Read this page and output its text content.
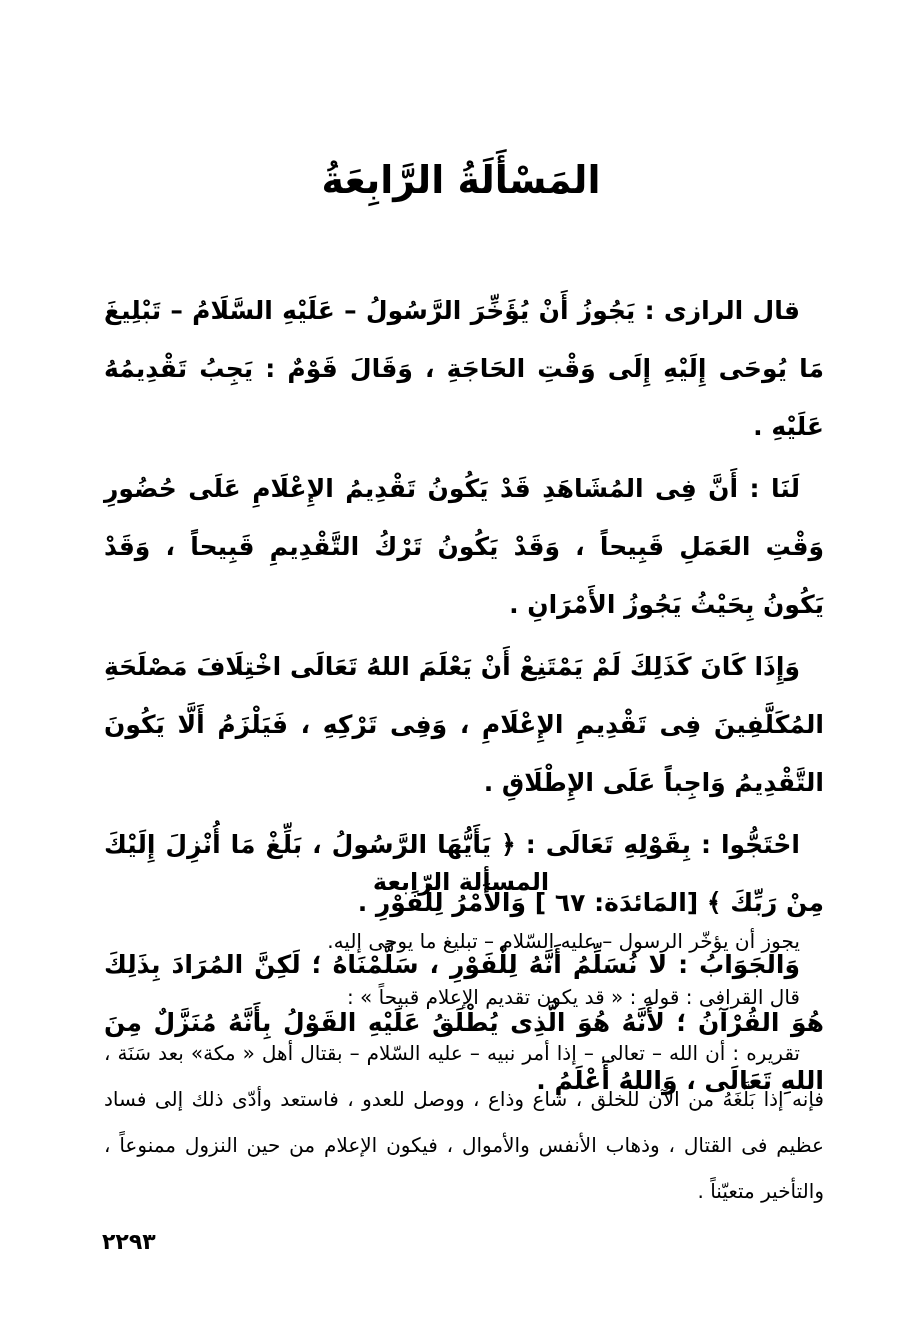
المَسْأَلَةُ الرَّابِعَةُ

قال الرازى : يَجُوزُ أَنْ يُؤَخِّرَ الرَّسُولُ – عَلَيْهِ السَّلَامُ – تَبْلِيغَ مَا يُوحَى إِلَيْهِ إِلَى وَقْتِ الحَاجَةِ ، وَقَالَ قَوْمٌ : يَجِبُ تَقْدِيمُهُ عَلَيْهِ .

لَنَا : أَنَّ فِى المُشَاهَدِ قَدْ يَكُونُ تَقْدِيمُ الإِعْلَامِ عَلَى حُضُورِ وَقْتِ العَمَلِ قَبِيحاً ، وَقَدْ يَكُونُ تَرْكُ التَّقْدِيمِ قَبِيحاً ، وَقَدْ يَكُونُ بِحَيْثُ يَجُوزُ الأَمْرَانِ .

وَإِذَا كَانَ كَذَلِكَ لَمْ يَمْتَنِعْ أَنْ يَعْلَمَ اللهُ تَعَالَى اخْتِلَافَ مَصْلَحَةِ المُكَلَّفِينَ فِى تَقْدِيمِ الإِعْلَامِ ، وَفِى تَرْكِهِ ، فَيَلْزَمُ أَلَّا يَكُونَ التَّقْدِيمُ وَاجِباً عَلَى الإِطْلَاقِ .

احْتَجُّوا : بِقَوْلِهِ تَعَالَى : ﴿ يَأَيُّهَا الرَّسُولُ ، بَلِّغْ مَا أُنْزِلَ إِلَيْكَ مِنْ رَبِّكَ ﴾ [المَائدَة: ٦٧ ] وَالأَمْرُ لِلْفَوْرِ .

وَالجَوَابُ : لا نُسَلِّمُ أَنَّهُ لِلْفَوْرِ ، سَلَّمْنَاهُ ؛ لَكِنَّ المُرَادَ بِذَلِكَ هُوَ القُرْآنُ ؛ لأَنَّهُ هُوَ الَّذِى يُطْلَقُ عَلَيْهِ القَوْلُ بِأَنَّهُ مُنَزَّلٌ مِنَ اللهِ تَعَالَى ، وَاللهُ أَعْلَمُ .

المسألة الرّابعة

يجوز أن يؤخّر الرسول – عليه السّلام – تبليغ ما يوحى إليه.

قال القرافى : قوله : « قد يكون تقديم الإعلام قبيحاً » :

تقريره : أن الله – تعالى – إذا أمر نبيه – عليه السّلام – بقتال أهل « مكة» بعد سَنَة ، فإنه إذا بَلَّغَهُ من الآن للخلق ، شاع وذاع ، ووصل للعدو ، فاستعد وأدّى ذلك إلى فساد عظيم فى القتال ، وذهاب الأنفس والأموال ، فيكون الإعلام من حين النزول ممنوعاً ، والتأخير متعيّناً .

٢٢٩٣
